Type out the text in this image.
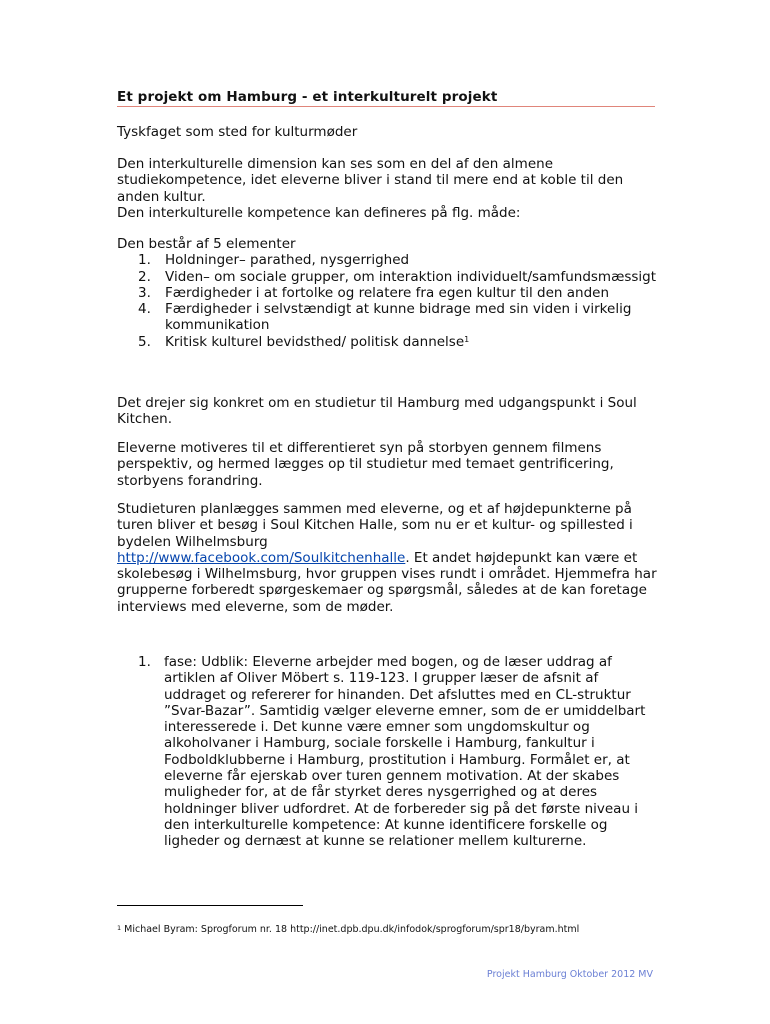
Et projekt om Hamburg - et interkulturelt projekt

Tyskfaget som sted for kulturmøder

Den interkulturelle dimension kan ses som en del af den almene studiekompetence, idet eleverne bliver i stand til mere end at koble til den anden kultur.

Den interkulturelle kompetence kan defineres på flg. måde:

Den består af 5 elementer

1. Holdninger– parathed, nysgerrighed
2. Viden– om sociale grupper, om interaktion individuelt/samfundsmæssigt
3. Færdigheder i at fortolke og relatere fra egen kultur til den anden
4. Færdigheder i selvstændigt at kunne bidrage med sin viden i virkelig kommunikation
5. Kritisk kulturel bevidsthed/ politisk dannelse$^1$

Det drejer sig konkret om en studietur til Hamburg med udgangspunkt i Soul Kitchen.

Eleverne motiveres til et differentieret syn på storbyen gennem filmens perspektiv, og hermed lægges op til studietur med temaet gentrificering, storbyens forandring.

Studieturen planlægges sammen med eleverne, og et af højdepunkterne på turen bliver et besøg i Soul Kitchen Halle, som nu er et kultur- og spillested i bydelen Wilhelmsburg
http://www.facebook.com/Soulkitchenhalle. Et andet højdepunkt kan være et skolebesøg i Wilhelmsburg, hvor gruppen vises rundt i området. Hjemmefra har grupperne forberedt spørgeskemaer og spørgsmål, således at de kan foretage interviews med eleverne, som de møder.

1. fase: Udblik: Eleverne arbejder med bogen, og de læser uddrag af artiklen af Oliver Möbert s. 119-123. I grupper læser de afsnit af uddraget og refererer for hinanden. Det afsluttes med en CL-struktur ”Svar-Bazar”. Samtidig vælger eleverne emner, som de er umiddelbart interesserede i. Det kunne være emner som ungdomskultur og alkoholvaner i Hamburg, sociale forskelle i Hamburg, fankultur i Fodboldklubberne i Hamburg, prostitution i Hamburg. Formålet er, at eleverne får ejerskab over turen gennem motivation. At der skabes muligheder for, at de får styrket deres nysgerrighed og at deres holdninger bliver udfordret. At de forbereder sig på det første niveau i den interkulturelle kompetence: At kunne identificere forskelle og ligheder og dernæst at kunne se relationer mellem kulturerne.
$^1$ Michael Byram: Sprogforum nr. 18 http://inet.dpb.dpu.dk/infodok/sprogforum/spr18/byram.html
Projekt Hamburg Oktober 2012 MV
